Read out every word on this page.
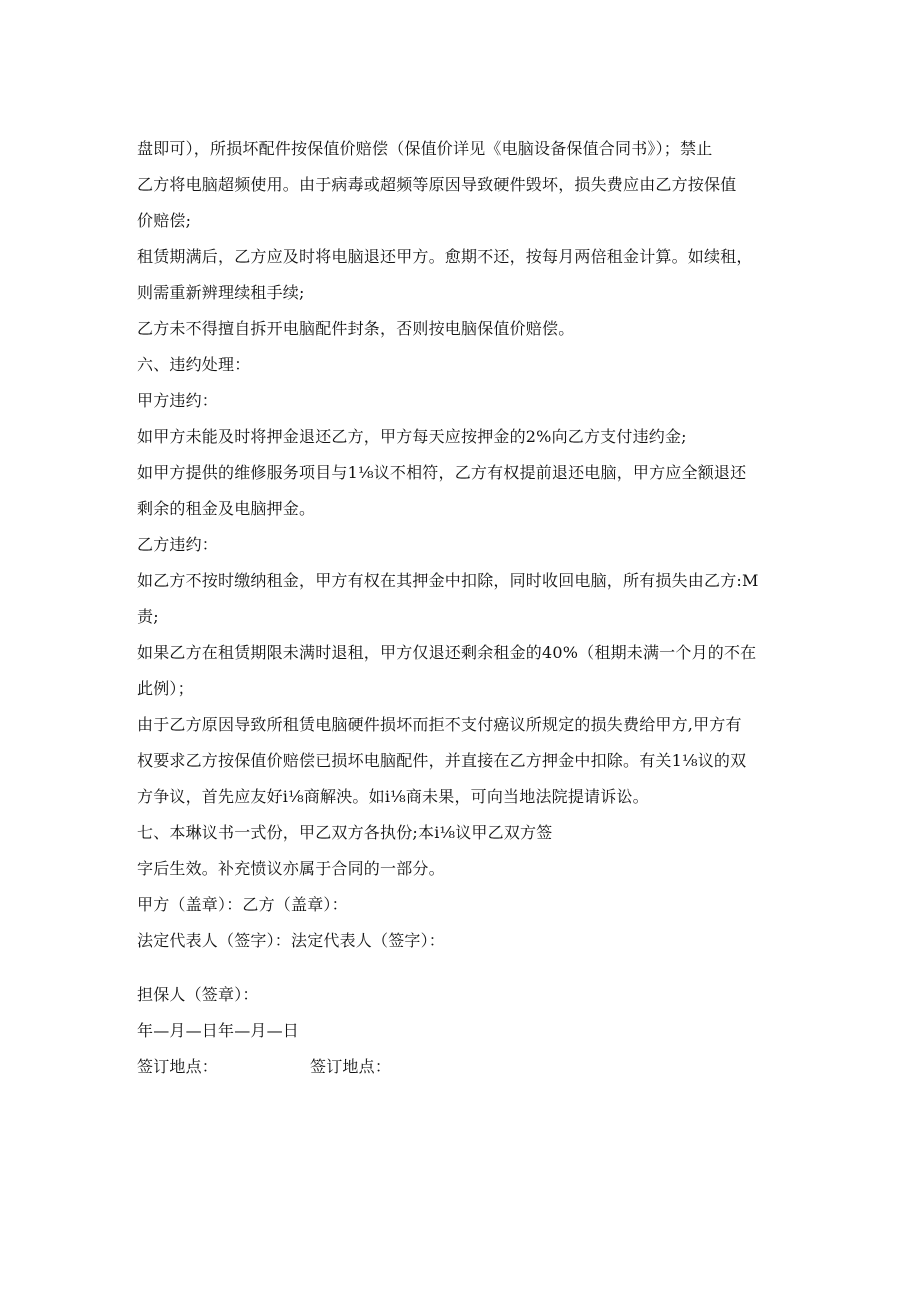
盘即可），所损坏配件按保值价赔偿（保值价详见《电脑设备保值合同书》）；禁止
乙方将电脑超频使用。由于病毒或超频等原因导致硬件毁坏，损失费应由乙方按保值
价赔偿;
租赁期满后，乙方应及时将电脑退还甲方。愈期不还，按每月两倍租金计算。如续租，
则需重新辨理续租手续;
乙方未不得擅自拆开电脑配件封条，否则按电脑保值价赔偿。
六、违约处理：
甲方违约：
如甲方未能及时将押金退还乙方，甲方每天应按押金的2%向乙方支付违约金;
如甲方提供的维修服务项目与1⅛议不相符，乙方有权提前退还电脑，甲方应全额退还
剩余的租金及电脑押金。
乙方违约：
如乙方不按时缴纳租金，甲方有权在其押金中扣除，同时收回电脑，所有损失由乙方:M
责;
如果乙方在租赁期限未满时退租，甲方仅退还剩余租金的40%（租期未满一个月的不在
此例）；
由于乙方原因导致所租赁电脑硬件损坏而拒不支付癌议所规定的损失费给甲方,甲方有
权要求乙方按保值价赔偿已损坏电脑配件，并直接在乙方押金中扣除。有关1⅛议的双
方争议，首先应友好i⅛商解泱。如i⅛商未果，可向当地法院提请诉讼。
七、本琳议书一式份，甲乙双方各执份;本i⅛议甲乙双方签
字后生效。补充愤议亦属于合同的一部分。
甲方（盖章）：乙方（盖章）：
法定代表人（签字）：法定代表人（签字）：
担保人（签章）：
年—月—日年—月—日
签订地点：	签订地点：
